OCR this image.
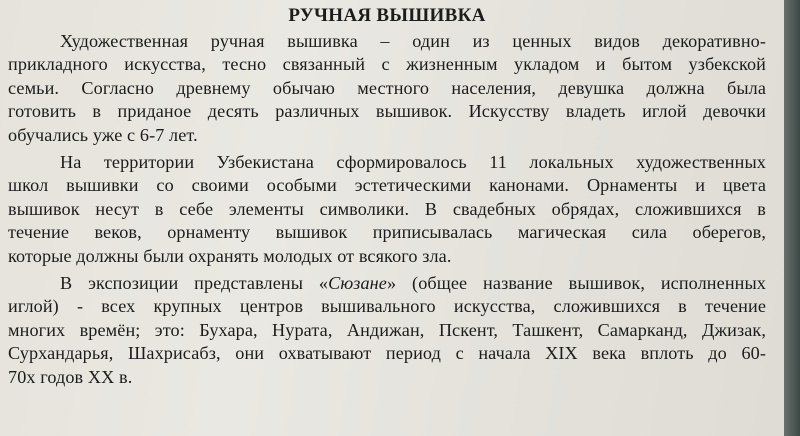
РУЧНАЯ ВЫШИВКА

Художественная ручная вышивка – один из ценных видов декоративно-
прикладного искусства, тесно связанный с жизненным укладом и бытом узбекской
семьи. Согласно древнему обычаю местного населения, девушка должна была
готовить в приданое десять различных вышивок. Искусству владеть иглой девочки
обучались уже с 6-7 лет.

На территории Узбекистана сформировалось 11 локальных художественных
школ вышивки со своими особыми эстетическими канонами. Орнаменты и цвета
вышивок несут в себе элементы символики. В свадебных обрядах, сложившихся в
течение веков, орнаменту вышивок приписывалась магическая сила оберегов,
которые должны были охранять молодых от всякого зла.

В экспозиции представлены «Сюзане» (общее название вышивок, исполненных
иглой) - всех крупных центров вышивального искусства, сложившихся в течение
многих времён; это: Бухара, Нурата, Андижан, Пскент, Ташкент, Самарканд, Джизак,
Сурхандарья, Шахрисабз, они охватывают период с начала XIX века вплоть до 60-
70х годов XX в.
